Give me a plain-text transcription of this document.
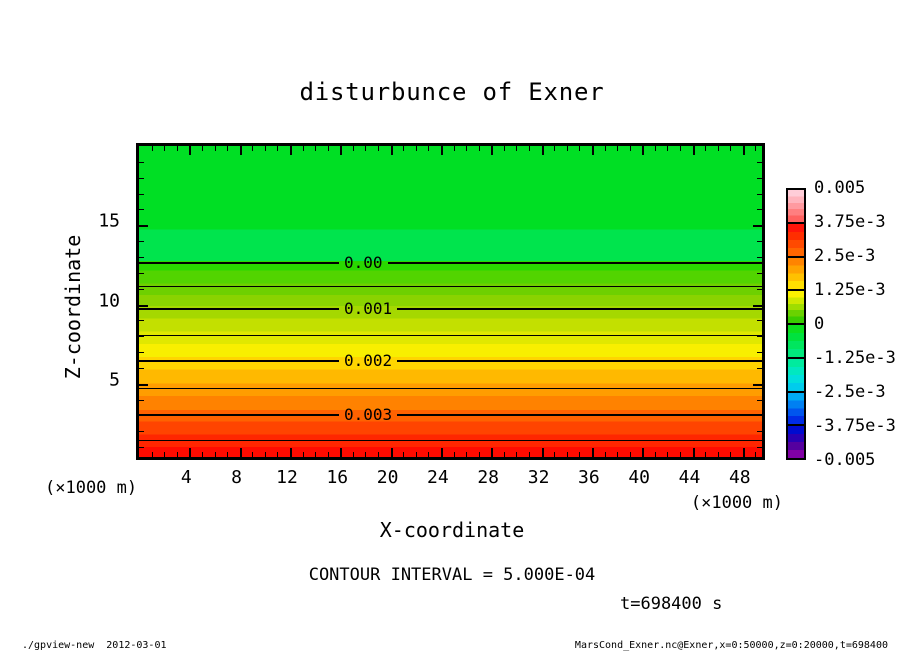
disturbunce of Exner
Z-coordinate	0.00
0.001
0.002
0.003
4 8 12 16 20 24 28 32 36 40 44 48
5
10
15
(×1000 m)
(×1000 m)
X-coordinate
CONTOUR INTERVAL = 5.000E-04
t=698400 s
0.005
3.75e-3
2.5e-3
1.25e-3
0
-1.25e-3
-2.5e-3
-3.75e-3
-0.005
./gpview-new  2012-03-01	MarsCond_Exner.nc@Exner,x=0:50000,z=0:20000,t=698400
